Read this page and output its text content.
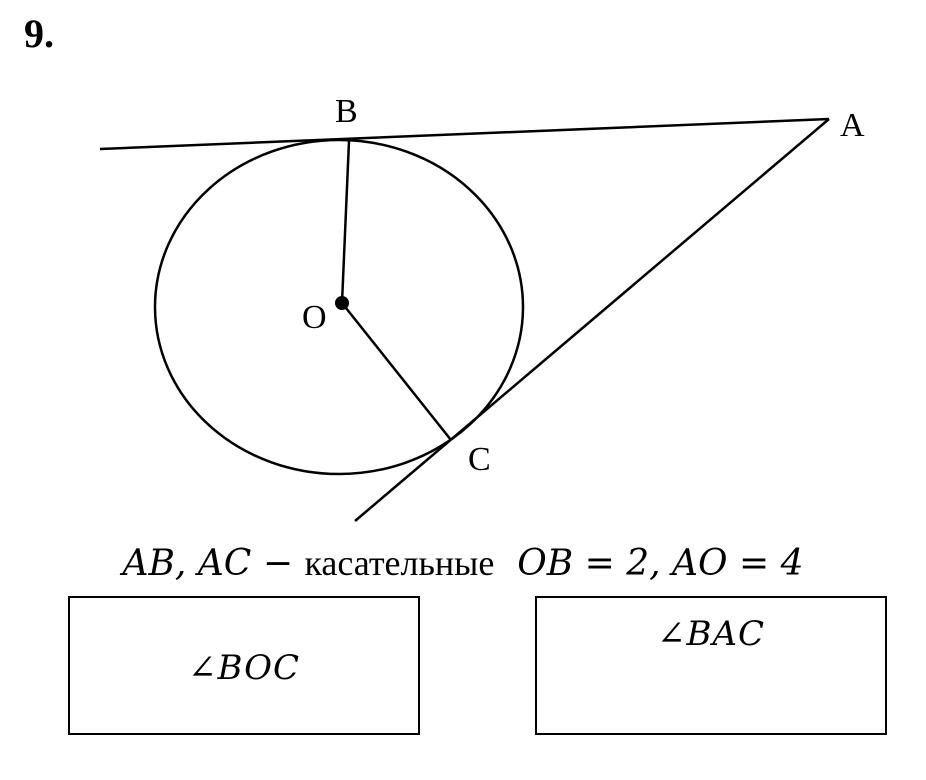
9.
B	A
O
C
AB, AC − касательные OB = 2, AO = 4
∠BOC
∠BAC
